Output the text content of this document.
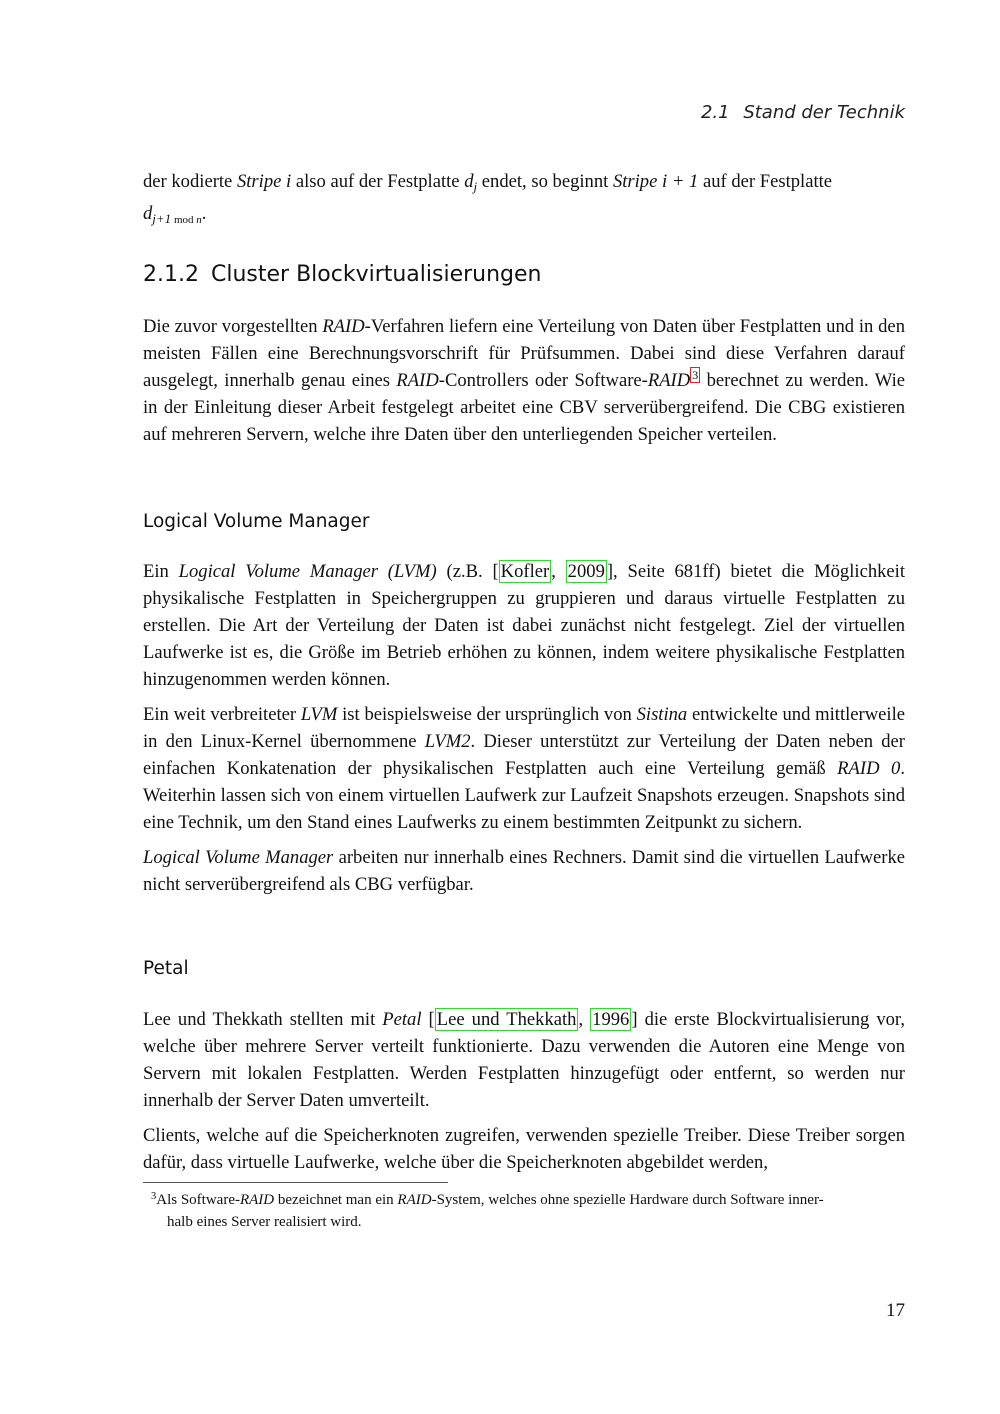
2.1 Stand der Technik

der kodierte Stripe i also auf der Festplatte $d_j$ endet, so beginnt Stripe i + 1 auf der Festplatte
$d_{j+1 mod n}$.

2.1.2 Cluster Blockvirtualisierungen

Die zuvor vorgestellten RAID-Verfahren liefern eine Verteilung von Daten über Festplatten und in den meisten Fällen eine Berechnungsvorschrift für Prüfsummen. Dabei sind diese Verfahren darauf ausgelegt, innerhalb genau eines RAID-Controllers oder Software-RAID $^3$ berechnet zu werden. Wie in der Einleitung dieser Arbeit festgelegt arbeitet eine CBV serverübergreifend. Die CBG existieren auf mehreren Servern, welche ihre Daten über den unterliegenden Speicher verteilen.

Logical Volume Manager

Ein Logical Volume Manager (LVM) (z.B. [ Kofler , 2009 ], Seite 681ff) bietet die Möglichkeit physikalische Festplatten in Speichergruppen zu gruppieren und daraus virtuelle Festplatten zu erstellen. Die Art der Verteilung der Daten ist dabei zunächst nicht festgelegt. Ziel der virtuellen Laufwerke ist es, die Größe im Betrieb erhöhen zu können, indem weitere physikalische Festplatten hinzugenommen werden können.

Ein weit verbreiteter LVM ist beispielsweise der ursprünglich von Sistina entwickelte und mittlerweile in den Linux-Kernel übernommene LVM2. Dieser unterstützt zur Verteilung der Daten neben der einfachen Konkatenation der physikalischen Festplatten auch eine Verteilung gemäß RAID 0. Weiterhin lassen sich von einem virtuellen Laufwerk zur Laufzeit Snapshots erzeugen. Snapshots sind eine Technik, um den Stand eines Laufwerks zu einem bestimmten Zeitpunkt zu sichern.

Logical Volume Manager arbeiten nur innerhalb eines Rechners. Damit sind die virtuellen Laufwerke nicht serverübergreifend als CBG verfügbar.

Petal

Lee und Thekkath stellten mit Petal [ Lee und Thekkath , 1996 ] die erste Blockvirtualisierung vor, welche über mehrere Server verteilt funktionierte. Dazu verwenden die Autoren eine Menge von Servern mit lokalen Festplatten. Werden Festplatten hinzugefügt oder entfernt, so werden nur innerhalb der Server Daten umverteilt.

Clients, welche auf die Speicherknoten zugreifen, verwenden spezielle Treiber. Diese Treiber sorgen dafür, dass virtuelle Laufwerke, welche über die Speicherknoten abgebildet werden,

$^3$Als Software-RAID bezeichnet man ein RAID-System, welches ohne spezielle Hardware durch Software inner-
halb eines Server realisiert wird.
17
